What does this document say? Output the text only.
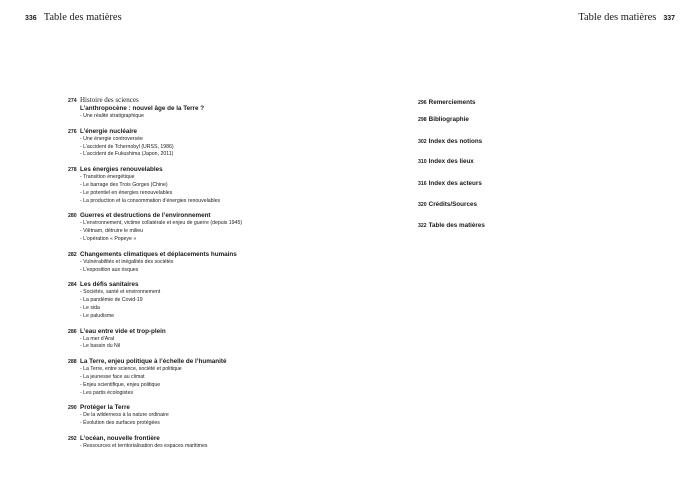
336 Table des matières	Table des matières 337
274 Histoire des sciences
L’anthropocène : nouvel âge de la Terre ?
- Une réalité stratigraphique
276 L’énergie nucléaire
- Une énergie controversée
- L’accident de Tchernobyl (URSS, 1986)
- L’accident de Fukushima (Japon, 2011)
278 Les énergies renouvelables
- Transition énergétique
- Le barrage des Trois Gorges (Chine)
- Le potentiel en énergies renouvelables
- La production et la consommation d’énergies renouvelables
280 Guerres et destructions de l’environnement
- L’environnement, victime collatérale et enjeu de guerre (depuis 1945)
- Viêtnam, détruire le milieu
- L’opération « Popeye »
282 Changements climatiques et déplacements humains
- Vulnérabilités et inégalités des sociétés
- L’exposition aux risques
284 Les défis sanitaires
- Sociétés, santé et environnement
- La pandémie de Covid-19
- Le sida
- Le paludisme
286 L’eau entre vide et trop-plein
- La mer d’Aral
- Le bassin du Nil
288 La Terre, enjeu politique à l’échelle de l’humanité
- La Terre, entre science, société et politique
- La jeunesse face au climat
- Enjeu scientifique, enjeu politique
- Les partis écologistes
290 Protéger la Terre
- De la wilderness à la nature ordinaire
- Évolution des surfaces protégées
292 L’océan, nouvelle frontière
- Ressources et territorialisation des espaces maritimes
296 Remerciements
298 Bibliographie
302 Index des notions
310 Index des lieux
316 Index des acteurs
320 Crédits/Sources
322 Table des matières
